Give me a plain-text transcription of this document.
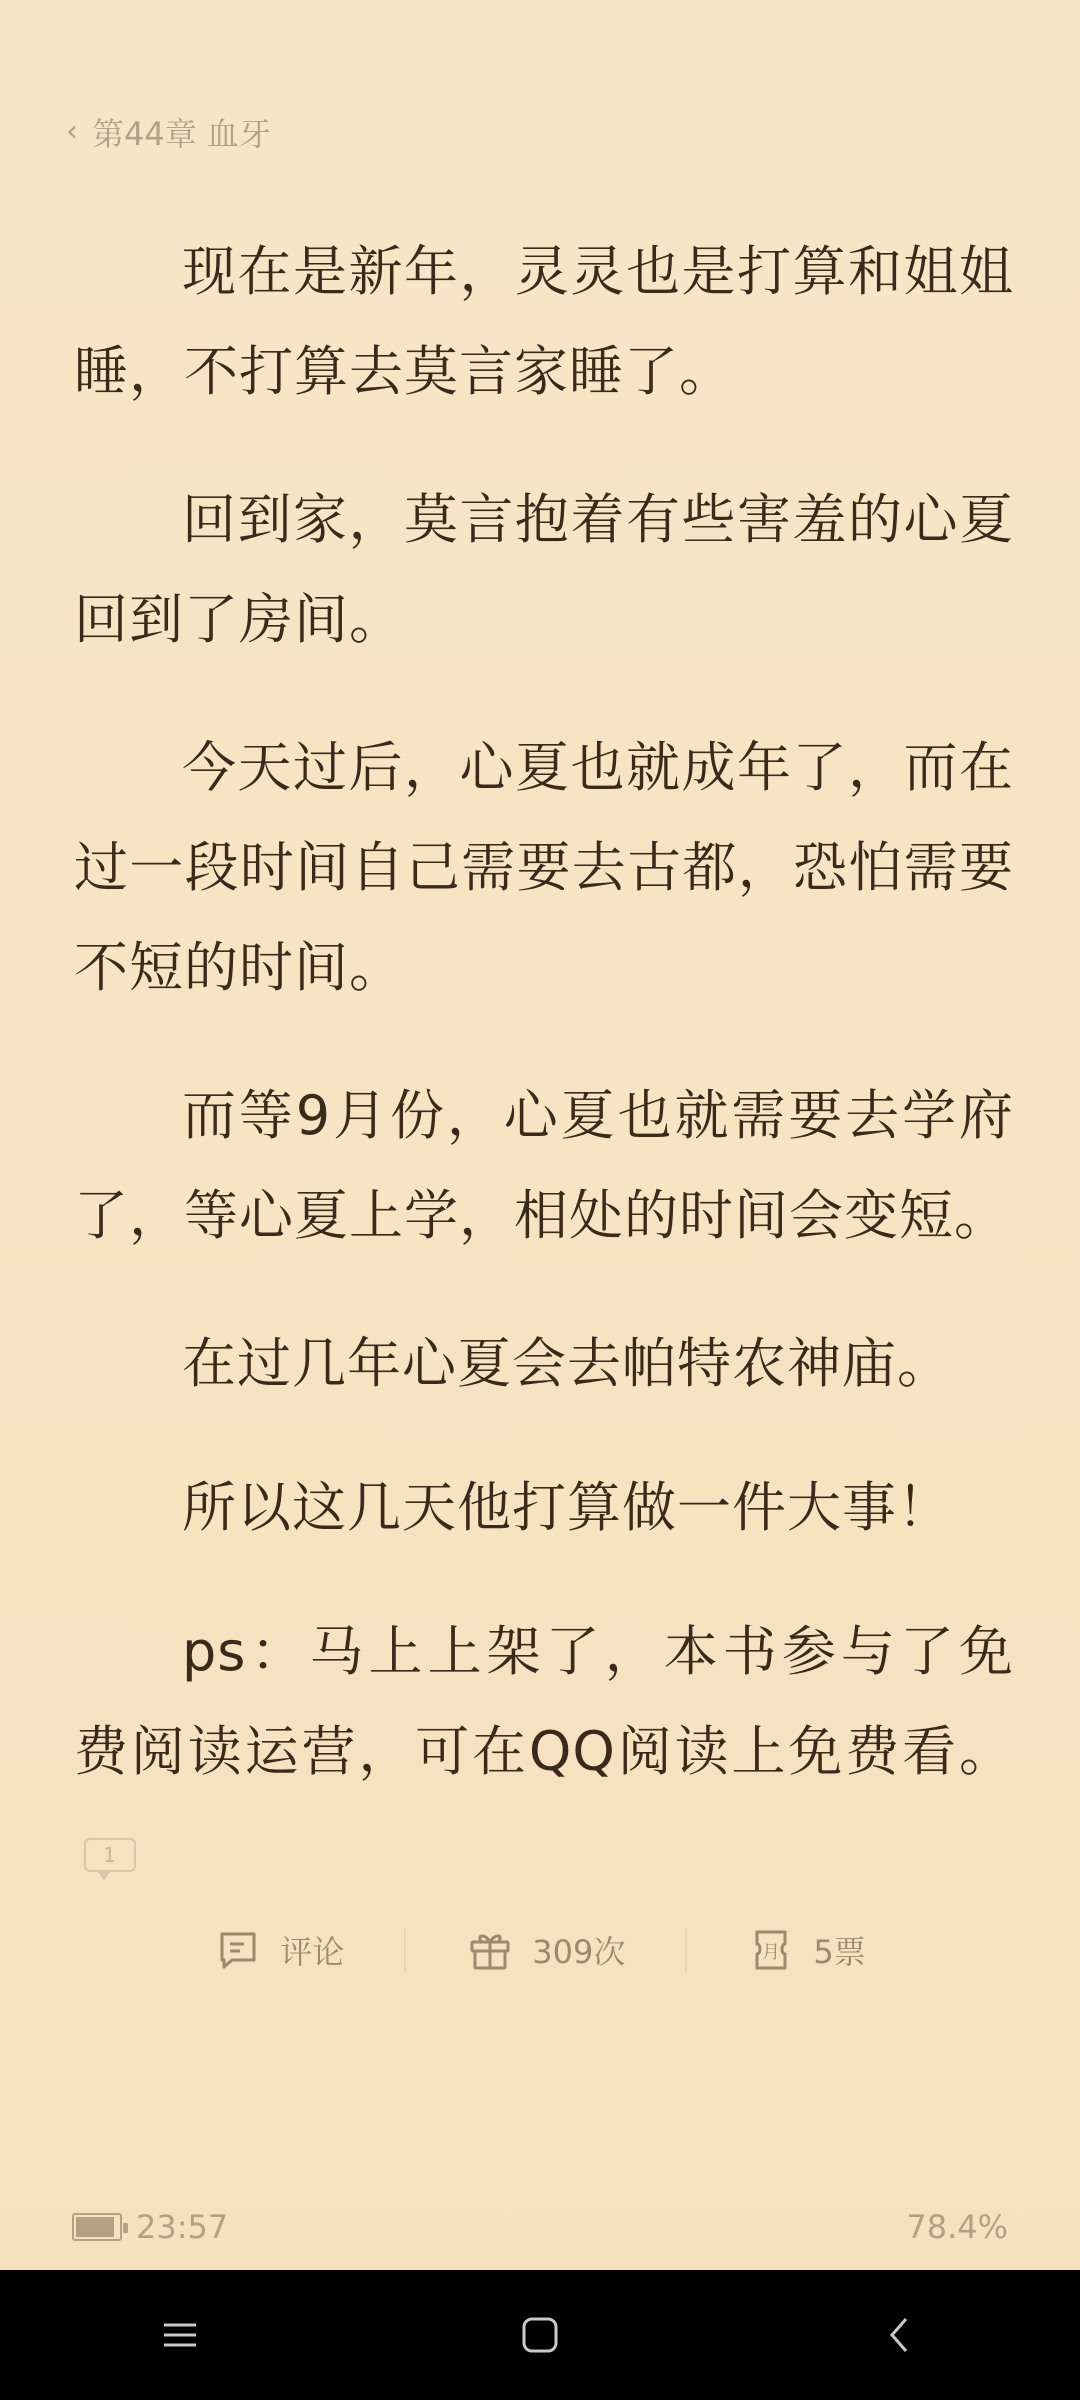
‹ 第44章 血牙

现在是新年，灵灵也是打算和姐姐睡，不打算去莫言家睡了。

回到家，莫言抱着有些害羞的心夏回到了房间。

今天过后，心夏也就成年了，而在过一段时间自己需要去古都，恐怕需要不短的时间。

而等9月份，心夏也就需要去学府了，等心夏上学，相处的时间会变短。

在过几年心夏会去帕特农神庙。

所以这几天他打算做一件大事！

ps：马上上架了，本书参与了免费阅读运营，可在QQ阅读上免费看。1

评论	309次	月 5票
23:57	78.4%
